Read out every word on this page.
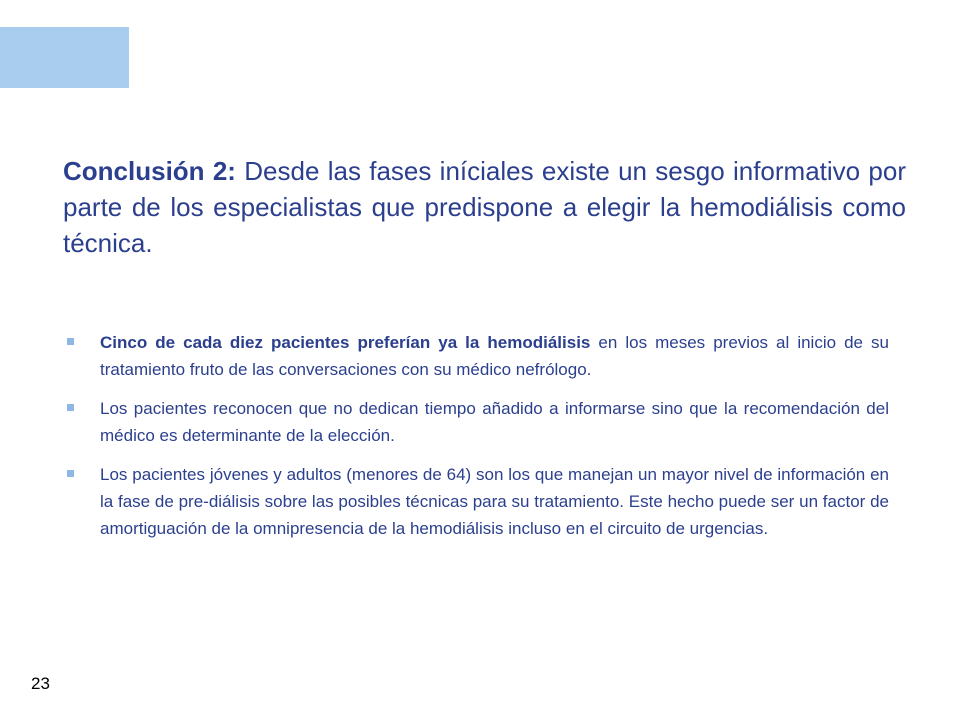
Conclusión 2: Desde las fases iníciales existe un sesgo informativo por parte de los especialistas que predispone a elegir la hemodiálisis como técnica.

Cinco de cada diez pacientes preferían ya la hemodiálisis en los meses previos al inicio de su tratamiento fruto de las conversaciones con su médico nefrólogo.
Los pacientes reconocen que no dedican tiempo añadido a informarse sino que la recomendación del médico es determinante de la elección.
Los pacientes jóvenes y adultos (menores de 64) son los que manejan un mayor nivel de información en la fase de pre-diálisis sobre las posibles técnicas para su tratamiento. Este hecho puede ser un factor de amortiguación de la omnipresencia de la hemodiálisis incluso en el circuito de urgencias.
23
